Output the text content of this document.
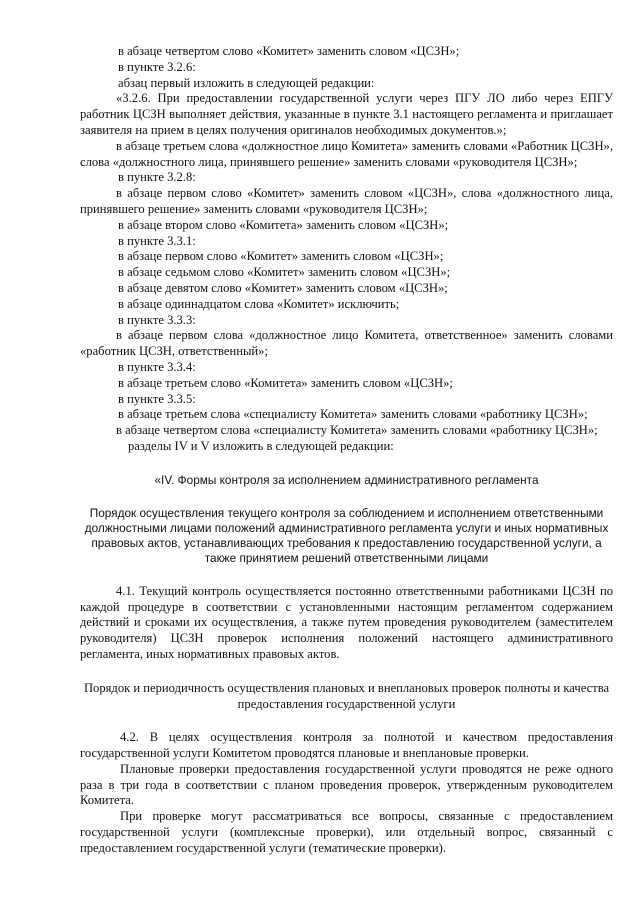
в абзаце четвертом слово «Комитет» заменить словом «ЦСЗН»;

в пункте 3.2.6:

абзац первый изложить в следующей редакции:

«3.2.6. При предоставлении государственной услуги через ПГУ ЛО либо через ЕПГУ работник ЦСЗН выполняет действия, указанные в пункте 3.1 настоящего регламента и приглашает заявителя на прием в целях получения оригиналов необходимых документов.»;

в абзаце третьем слова «должностное лицо Комитета» заменить словами «Работник ЦСЗН», слова «должностного лица, принявшего решение» заменить словами «руководителя ЦСЗН»;

в пункте 3.2.8:

в абзаце первом слово «Комитет» заменить словом «ЦСЗН», слова «должностного лица, принявшего решение» заменить словами «руководителя ЦСЗН»;

в абзаце втором слово «Комитета» заменить словом «ЦСЗН»;

в пункте 3.3.1:

в абзаце первом слово «Комитет» заменить словом «ЦСЗН»;

в абзаце седьмом слово «Комитет» заменить словом «ЦСЗН»;

в абзаце девятом слово «Комитет» заменить словом «ЦСЗН»;

в абзаце одиннадцатом слова «Комитет» исключить;

в пункте 3.3.3:

в абзаце первом слова «должностное лицо Комитета, ответственное» заменить словами «работник ЦСЗН, ответственный»;

в пункте 3.3.4:

в абзаце третьем слово «Комитета» заменить словом «ЦСЗН»;

в пункте 3.3.5:

в абзаце третьем слова «специалисту Комитета» заменить словами «работнику ЦСЗН»;

в абзаце четвертом слова «специалисту Комитета» заменить словами «работнику ЦСЗН»;

разделы IV и V изложить в следующей редакции:

«IV. Формы контроля за исполнением административного регламента

Порядок осуществления текущего контроля за соблюдением и исполнением ответственными должностными лицами положений административного регламента услуги и иных нормативных правовых актов, устанавливающих требования к предоставлению государственной услуги, а также принятием решений ответственными лицами

4.1. Текущий контроль осуществляется постоянно ответственными работниками ЦСЗН по каждой процедуре в соответствии с установленными настоящим регламентом содержанием действий и сроками их осуществления, а также путем проведения руководителем (заместителем руководителя) ЦСЗН проверок исполнения положений настоящего административного регламента, иных нормативных правовых актов.

Порядок и периодичность осуществления плановых и внеплановых проверок полноты и качества предоставления государственной услуги

4.2. В целях осуществления контроля за полнотой и качеством предоставления государственной услуги Комитетом проводятся плановые и внеплановые проверки.

Плановые проверки предоставления государственной услуги проводятся не реже одного раза в три года в соответствии с планом проведения проверок, утвержденным руководителем Комитета.

При проверке могут рассматриваться все вопросы, связанные с предоставлением государственной услуги (комплексные проверки), или отдельный вопрос, связанный с предоставлением государственной услуги (тематические проверки).
